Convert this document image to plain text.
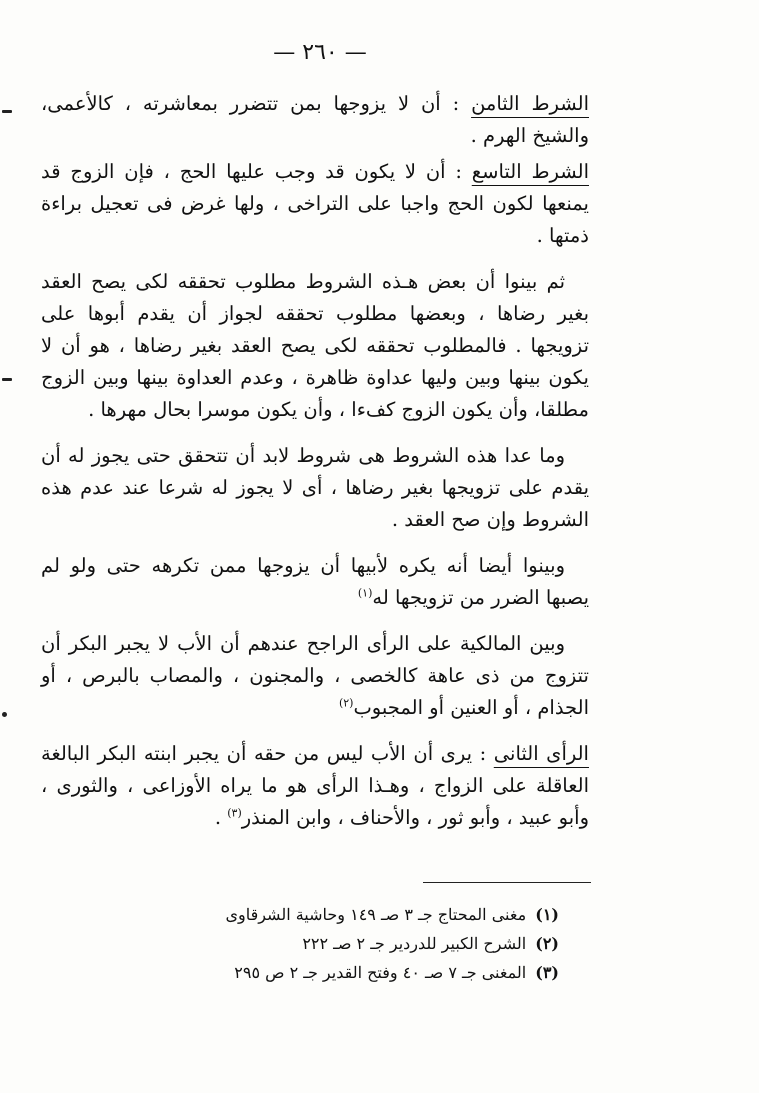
— ٢٦٠ —

الشرط الثامن : أن لا يزوجها بمن تتضرر بمعاشرته ، كالأعمى، والشيخ الهرم .

الشرط التاسع : أن لا يكون قد وجب عليها الحج ، فإن الزوج قد يمنعها لكون الحج واجبا على التراخى ، ولها غرض فى تعجيل براءة ذمتها .

ثم بينوا أن بعض هـذه الشروط مطلوب تحققه لكى يصح العقد بغير رضاها ، وبعضها مطلوب تحققه لجواز أن يقدم أبوها على تزويجها . فالمطلوب تحققه لكى يصح العقد بغير رضاها ، هو أن لا يكون بينها وبين وليها عداوة ظاهرة ، وعدم العداوة بينها وبين الزوج مطلقا، وأن يكون الزوج كفءا ، وأن يكون موسرا بحال مهرها .

وما عدا هذه الشروط هى شروط لابد أن تتحقق حتى يجوز له أن يقدم على تزويجها بغير رضاها ، أى لا يجوز له شرعا عند عدم هذه الشروط وإن صح العقد .

وبينوا أيضا أنه يكره لأبيها أن يزوجها ممن تكرهه حتى ولو لم يصبها الضرر من تزويجها له$^{(١)}$

وبين المالكية على الرأى الراجح عندهم أن الأب لا يجبر البكر أن تتزوج من ذى عاهة كالخصى ، والمجنون ، والمصاب بالبرص ، أو الجذام ، أو العنين أو المجبوب$^{(٢)}$

الرأى الثانى : يرى أن الأب ليس من حقه أن يجبر ابنته البكر البالغة العاقلة على الزواج ، وهـذا الرأى هو ما يراه الأوزاعى ، والثورى ، وأبو عبيد ، وأبو ثور ، والأحناف ، وابن المنذر$^{(٣)}$ .

(١) مغنى المحتاج جـ ٣ صـ ١٤٩ وحاشية الشرقاوى

(٢) الشرح الكبير للدردير جـ ٢ صـ ٢٢٢

(٣) المغنى جـ ٧ صـ ٤٠ وفتح القدير جـ ٢ ص ٢٩٥
